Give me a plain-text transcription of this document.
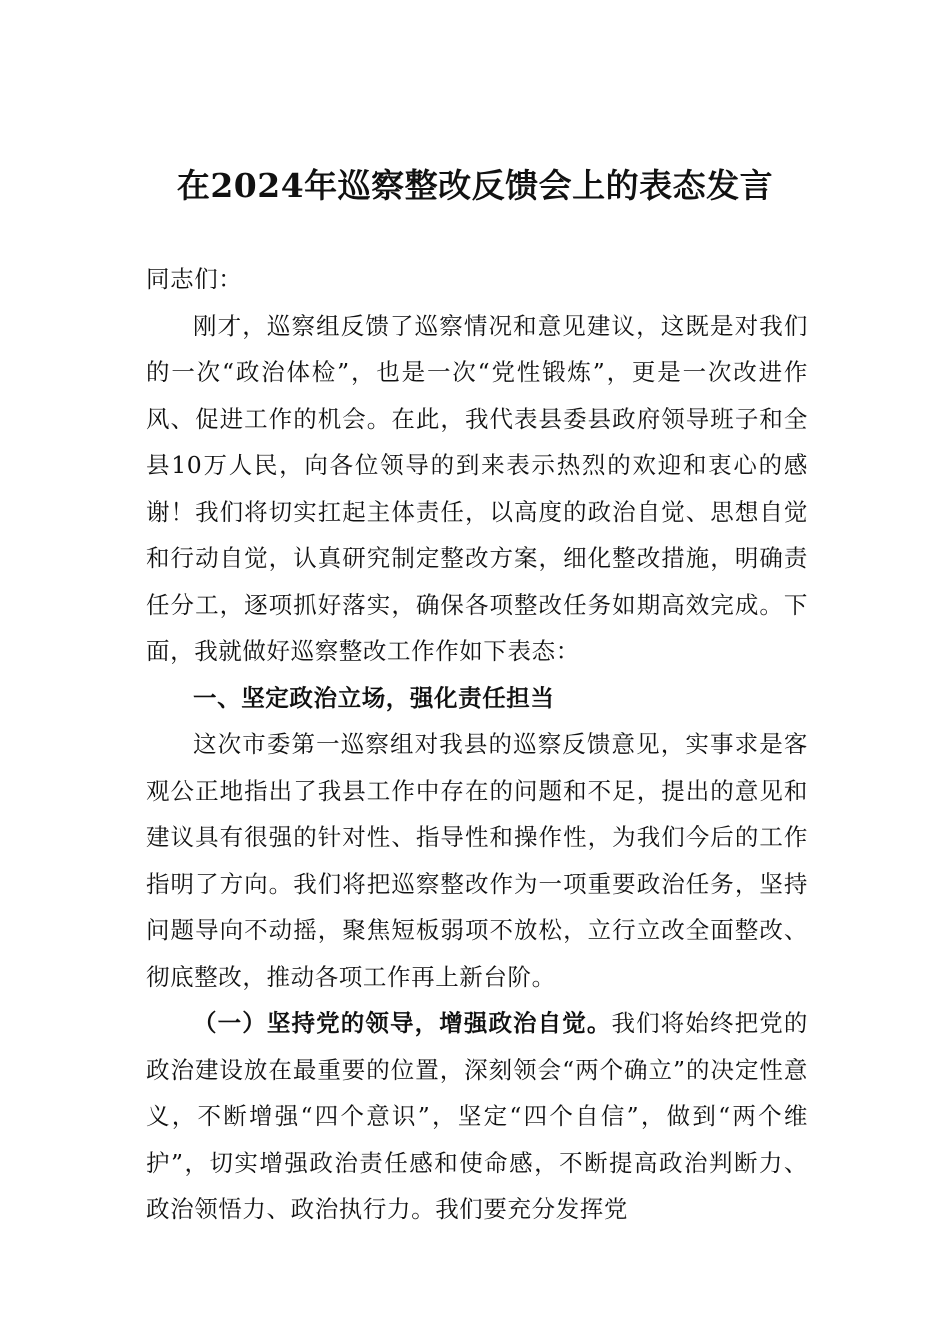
在2024年巡察整改反馈会上的表态发言

同志们：

刚才，巡察组反馈了巡察情况和意见建议，这既是对我们的一次“政治体检”，也是一次“党性锻炼”，更是一次改进作风、促进工作的机会。在此，我代表县委县政府领导班子和全县10万人民，向各位领导的到来表示热烈的欢迎和衷心的感谢！我们将切实扛起主体责任，以高度的政治自觉、思想自觉和行动自觉，认真研究制定整改方案，细化整改措施，明确责任分工，逐项抓好落实，确保各项整改任务如期高效完成。下面，我就做好巡察整改工作作如下表态：

一、坚定政治立场，强化责任担当

这次市委第一巡察组对我县的巡察反馈意见，实事求是客观公正地指出了我县工作中存在的问题和不足，提出的意见和建议具有很强的针对性、指导性和操作性，为我们今后的工作指明了方向。我们将把巡察整改作为一项重要政治任务，坚持问题导向不动摇，聚焦短板弱项不放松，立行立改全面整改、彻底整改，推动各项工作再上新台阶。

（一）坚持党的领导，增强政治自觉。我们将始终把党的政治建设放在最重要的位置，深刻领会“两个确立”的决定性意义，不断增强“四个意识”，坚定“四个自信”，做到“两个维护”，切实增强政治责任感和使命感，不断提高政治判断力、政治领悟力、政治执行力。我们要充分发挥党
